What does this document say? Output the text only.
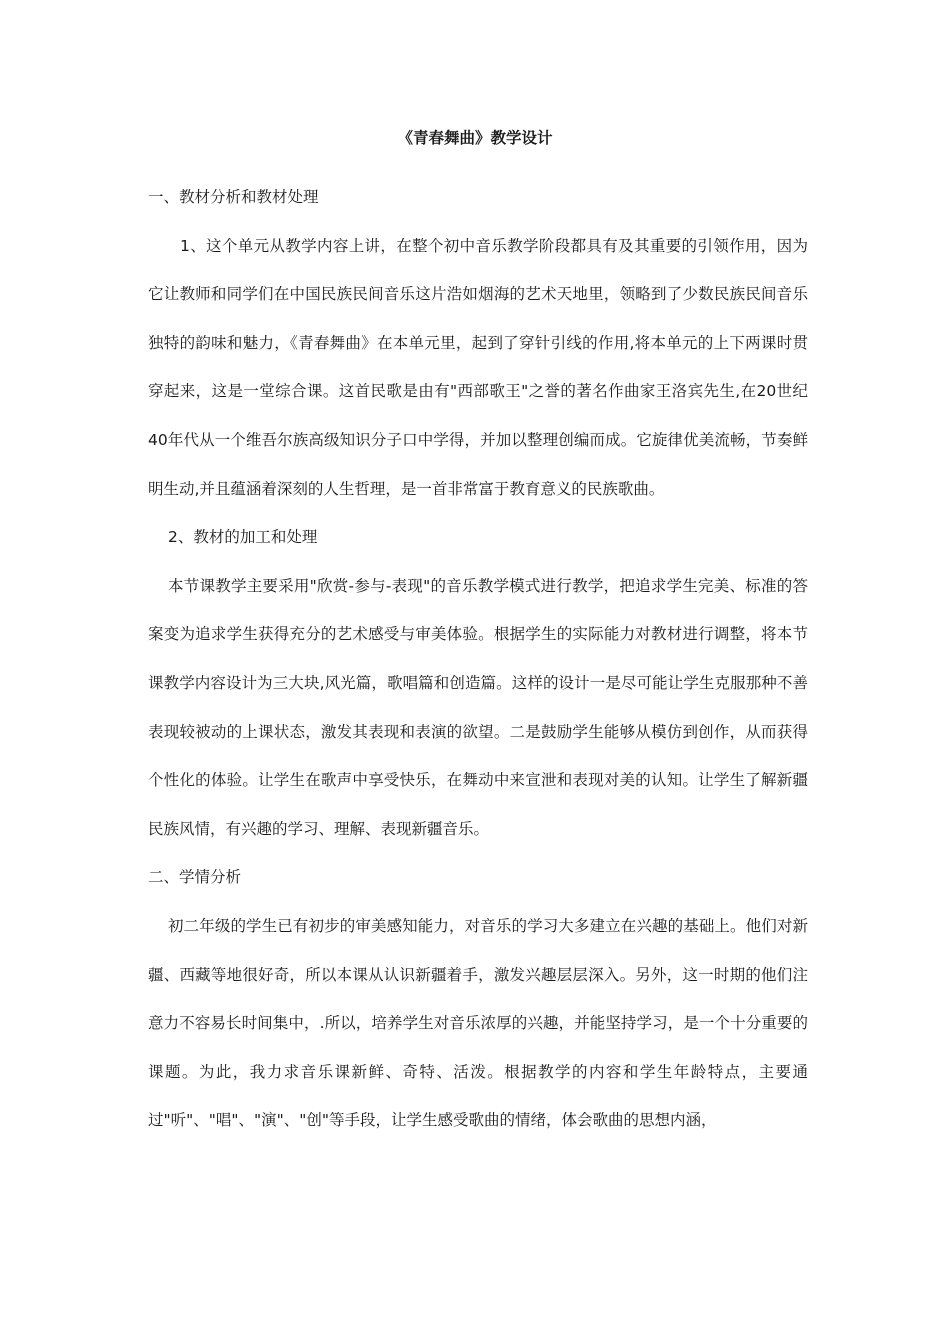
《青春舞曲》教学设计

一、教材分析和教材处理

1、这个单元从教学内容上讲，在整个初中音乐教学阶段都具有及其重要的引领作用，因为它让教师和同学们在中国民族民间音乐这片浩如烟海的艺术天地里，领略到了少数民族民间音乐独特的韵味和魅力，《青春舞曲》在本单元里，起到了穿针引线的作用,将本单元的上下两课时贯穿起来，这是一堂综合课。这首民歌是由有"西部歌王"之誉的著名作曲家王洛宾先生,在20世纪40年代从一个维吾尔族高级知识分子口中学得，并加以整理创编而成。它旋律优美流畅，节奏鲜明生动,并且蕴涵着深刻的人生哲理，是一首非常富于教育意义的民族歌曲。

2、教材的加工和处理

本节课教学主要采用"欣赏-参与-表现"的音乐教学模式进行教学，把追求学生完美、标准的答案变为追求学生获得充分的艺术感受与审美体验。根据学生的实际能力对教材进行调整，将本节课教学内容设计为三大块,风光篇，歌唱篇和创造篇。这样的设计一是尽可能让学生克服那种不善表现较被动的上课状态，激发其表现和表演的欲望。二是鼓励学生能够从模仿到创作，从而获得个性化的体验。让学生在歌声中享受快乐，在舞动中来宣泄和表现对美的认知。让学生了解新疆民族风情，有兴趣的学习、理解、表现新疆音乐。

二、学情分析

初二年级的学生已有初步的审美感知能力，对音乐的学习大多建立在兴趣的基础上。他们对新疆、西藏等地很好奇，所以本课从认识新疆着手，激发兴趣层层深入。另外，这一时期的他们注意力不容易长时间集中，.所以，培养学生对音乐浓厚的兴趣，并能坚持学习，是一个十分重要的课题。为此，我力求音乐课新鲜、奇特、活泼。根据教学的内容和学生年龄特点，主要通过"听"、"唱"、"演"、"创"等手段，让学生感受歌曲的情绪，体会歌曲的思想内涵，
